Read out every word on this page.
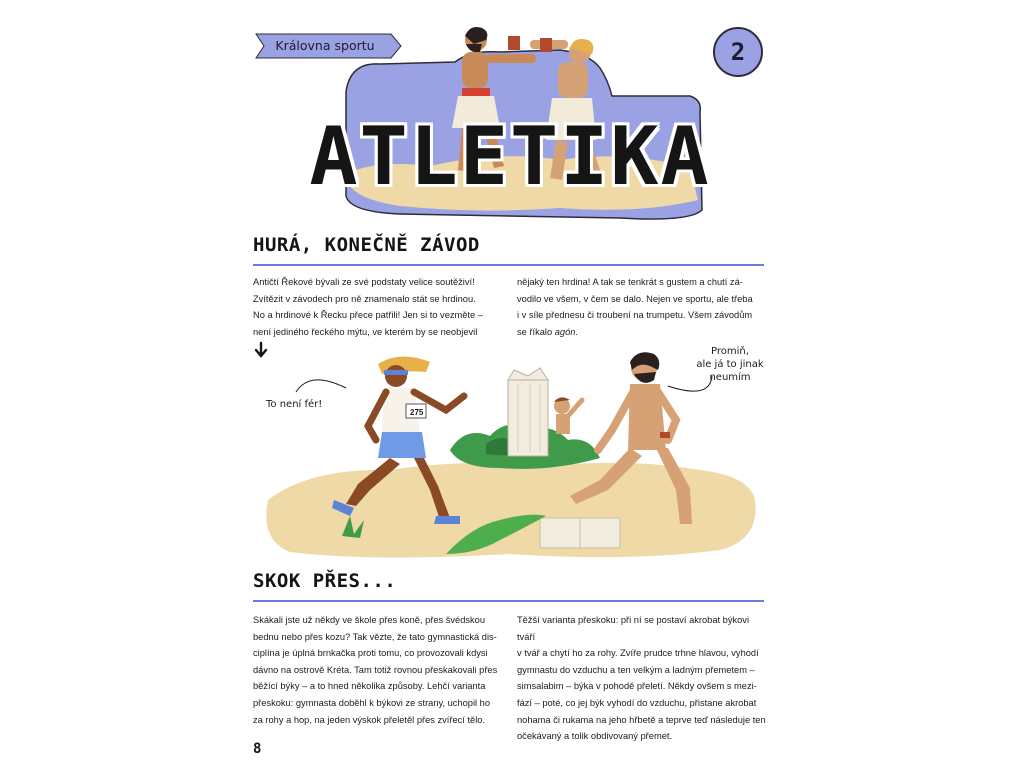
Královna sportu	2
ATLETIKA
HURÁ, KONEČNĚ ZÁVOD

Antičtí Řekové bývali ze své podstaty velice soutěživí!

Zvítězit v závodech pro ně znamenalo stát se hrdinou.

No a hrdinové k Řecku přece patřili! Jen si to vezměte –

není jediného řeckého mýtu, ve kterém by se neobjevil

nějaký ten hrdina! A tak se tenkrát s gustem a chutí zá-

vodilo ve všem, v čem se dalo. Nejen ve sportu, ale třeba

i v síle přednesu či troubení na trumpetu. Všem závodům

se říkalo agón.

275
To není fér!
Promiň,
ale já to jinak
neumím
SKOK PŘES...

Skákali jste už někdy ve škole přes koně, přes švédskou

bednu nebo přes kozu? Tak vězte, že tato gymnastická dis-

ciplína je úplná brnkačka proti tomu, co provozovali kdysi

dávno na ostrově Kréta. Tam totiž rovnou přeskakovali přes

běžící býky – a to hned několika způsoby. Lehčí varianta

přeskoku: gymnasta doběhl k býkovi ze strany, uchopil ho

za rohy a hop, na jeden výskok přeletěl přes zvířecí tělo.

Těžší varianta přeskoku: při ní se postaví akrobat býkovi tváří

v tvář a chytí ho za rohy. Zvíře prudce trhne hlavou, vyhodí

gymnastu do vzduchu a ten velkým a ladným přemetem –

simsalabim – býka v pohodě přeletí. Někdy ovšem s mezi-

fází – poté, co jej býk vyhodí do vzduchu, přistane akrobat

nohama či rukama na jeho hřbetě a teprve teď následuje ten

očekávaný a tolik obdivovaný přemet.

8
